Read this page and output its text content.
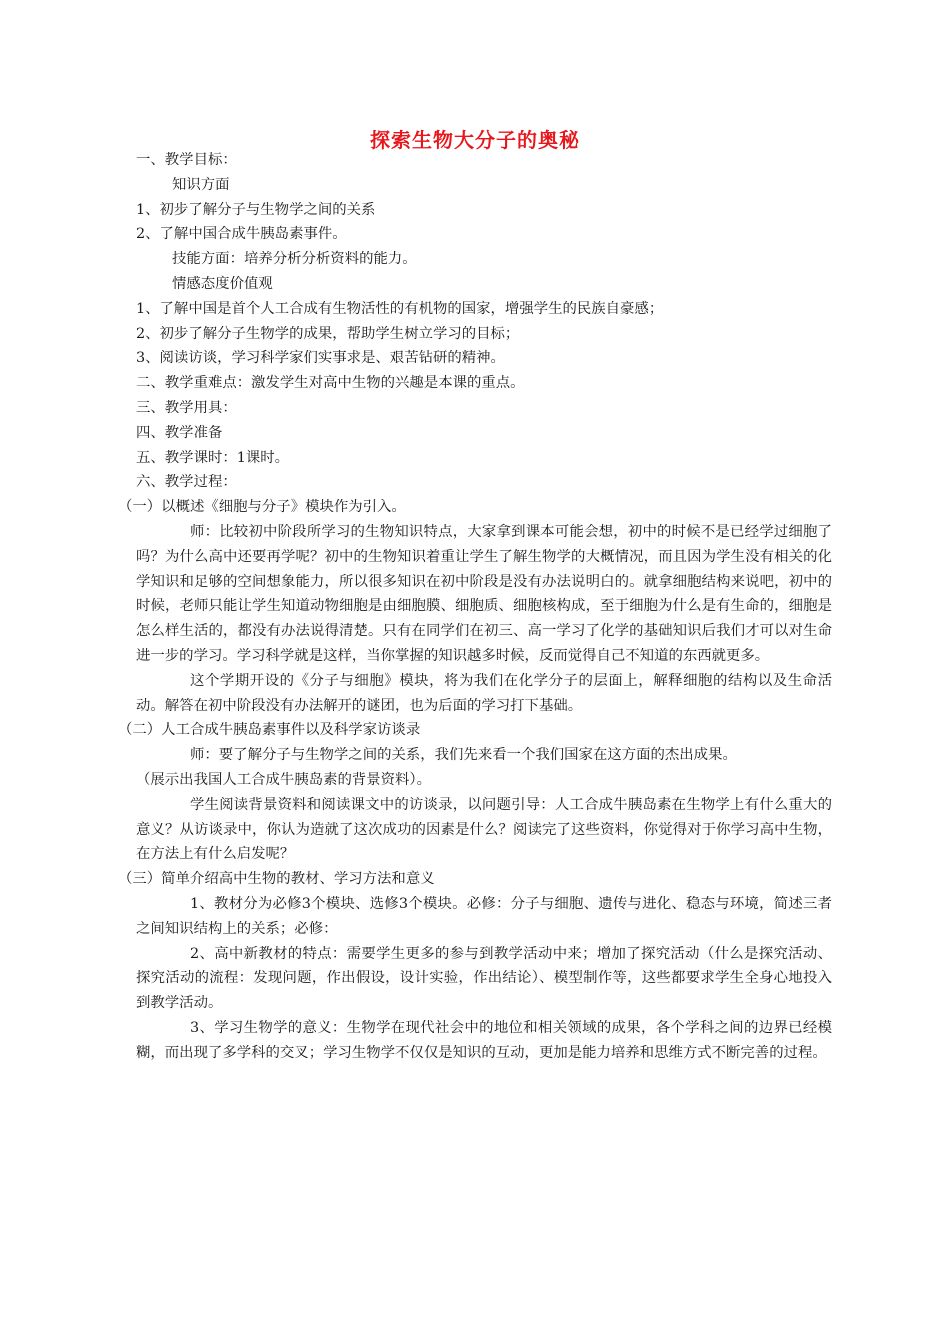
探索生物大分子的奥秘
一、教学目标：
知识方面
1、初步了解分子与生物学之间的关系
2、了解中国合成牛胰岛素事件。
技能方面：培养分析分析资料的能力。
情感态度价值观
1、了解中国是首个人工合成有生物活性的有机物的国家，增强学生的民族自豪感；
2、初步了解分子生物学的成果，帮助学生树立学习的目标；
3、阅读访谈，学习科学家们实事求是、艰苦钻研的精神。
二、教学重难点：激发学生对高中生物的兴趣是本课的重点。
三、教学用具：
四、教学准备
五、教学课时：1课时。
六、教学过程：
（一）以概述《细胞与分子》模块作为引入。
师：比较初中阶段所学习的生物知识特点，大家拿到课本可能会想，初中的时候不是已经学过细胞了吗？为什么高中还要再学呢？初中的生物知识着重让学生了解生物学的大概情况，而且因为学生没有相关的化学知识和足够的空间想象能力，所以很多知识在初中阶段是没有办法说明白的。就拿细胞结构来说吧，初中的时候，老师只能让学生知道动物细胞是由细胞膜、细胞质、细胞核构成，至于细胞为什么是有生命的，细胞是怎么样生活的，都没有办法说得清楚。只有在同学们在初三、高一学习了化学的基础知识后我们才可以对生命进一步的学习。学习科学就是这样，当你掌握的知识越多时候，反而觉得自己不知道的东西就更多。
这个学期开设的《分子与细胞》模块，将为我们在化学分子的层面上，解释细胞的结构以及生命活动。解答在初中阶段没有办法解开的谜团，也为后面的学习打下基础。
（二）人工合成牛胰岛素事件以及科学家访谈录
师：要了解分子与生物学之间的关系，我们先来看一个我们国家在这方面的杰出成果。
（展示出我国人工合成牛胰岛素的背景资料）。
学生阅读背景资料和阅读课文中的访谈录，以问题引导：人工合成牛胰岛素在生物学上有什么重大的意义？从访谈录中，你认为造就了这次成功的因素是什么？阅读完了这些资料，你觉得对于你学习高中生物，在方法上有什么启发呢？
（三）简单介绍高中生物的教材、学习方法和意义
1、教材分为必修3个模块、选修3个模块。必修：分子与细胞、遗传与进化、稳态与环境，简述三者之间知识结构上的关系；必修：
2、高中新教材的特点：需要学生更多的参与到教学活动中来；增加了探究活动（什么是探究活动、探究活动的流程：发现问题，作出假设，设计实验，作出结论）、模型制作等，这些都要求学生全身心地投入到教学活动。
3、学习生物学的意义：生物学在现代社会中的地位和相关领域的成果，各个学科之间的边界已经模糊，而出现了多学科的交叉；学习生物学不仅仅是知识的互动，更加是能力培养和思维方式不断完善的过程。
